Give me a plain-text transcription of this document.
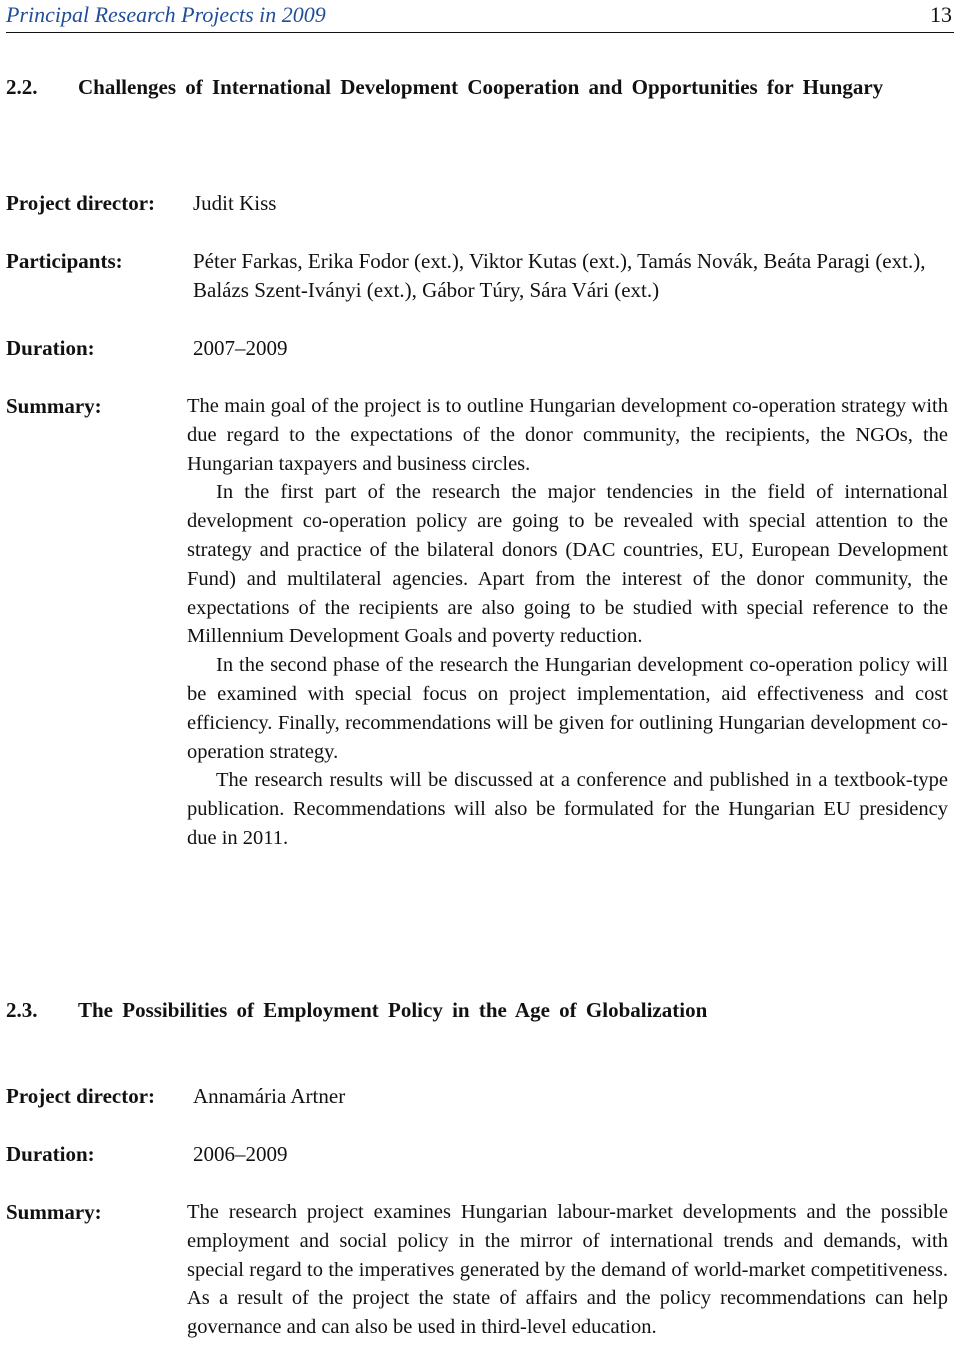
Principal Research Projects in 2009	13
2.2.	Challenges of International Development Cooperation and Opportunities for Hungary
Project director: Judit Kiss
Participants:	Péter Farkas, Erika Fodor (ext.), Viktor Kutas (ext.), Tamás Novák, Beáta Paragi (ext.), Balázs Szent-Iványi (ext.), Gábor Túry, Sára Vári (ext.)
Duration:	2007–2009
Summary:	The main goal of the project is to outline Hungarian development co-operation strategy with due regard to the expectations of the donor community, the recipients, the NGOs, the Hungarian taxpayers and business circles.

In the first part of the research the major tendencies in the field of international development co-operation policy are going to be revealed with special attention to the strategy and practice of the bilateral donors (DAC countries, EU, European Development Fund) and multilateral agencies. Apart from the interest of the donor community, the expectations of the recipients are also going to be studied with special reference to the Millennium Development Goals and poverty reduction.

In the second phase of the research the Hungarian development co-operation policy will be examined with special focus on project implementation, aid effectiveness and cost efficiency. Finally, recommendations will be given for outlining Hungarian development co-operation strategy.

The research results will be discussed at a conference and published in a textbook-type publication. Recommendations will also be formulated for the Hungarian EU presidency due in 2011.

2.3.	The Possibilities of Employment Policy in the Age of Globalization
Project director: Annamária Artner
Duration:	2006–2009
Summary:	The research project examines Hungarian labour-market developments and the possible employment and social policy in the mirror of international trends and demands, with special regard to the imperatives generated by the demand of world-market competitiveness. As a result of the project the state of affairs and the policy recommendations can help governance and can also be used in third-level education.
